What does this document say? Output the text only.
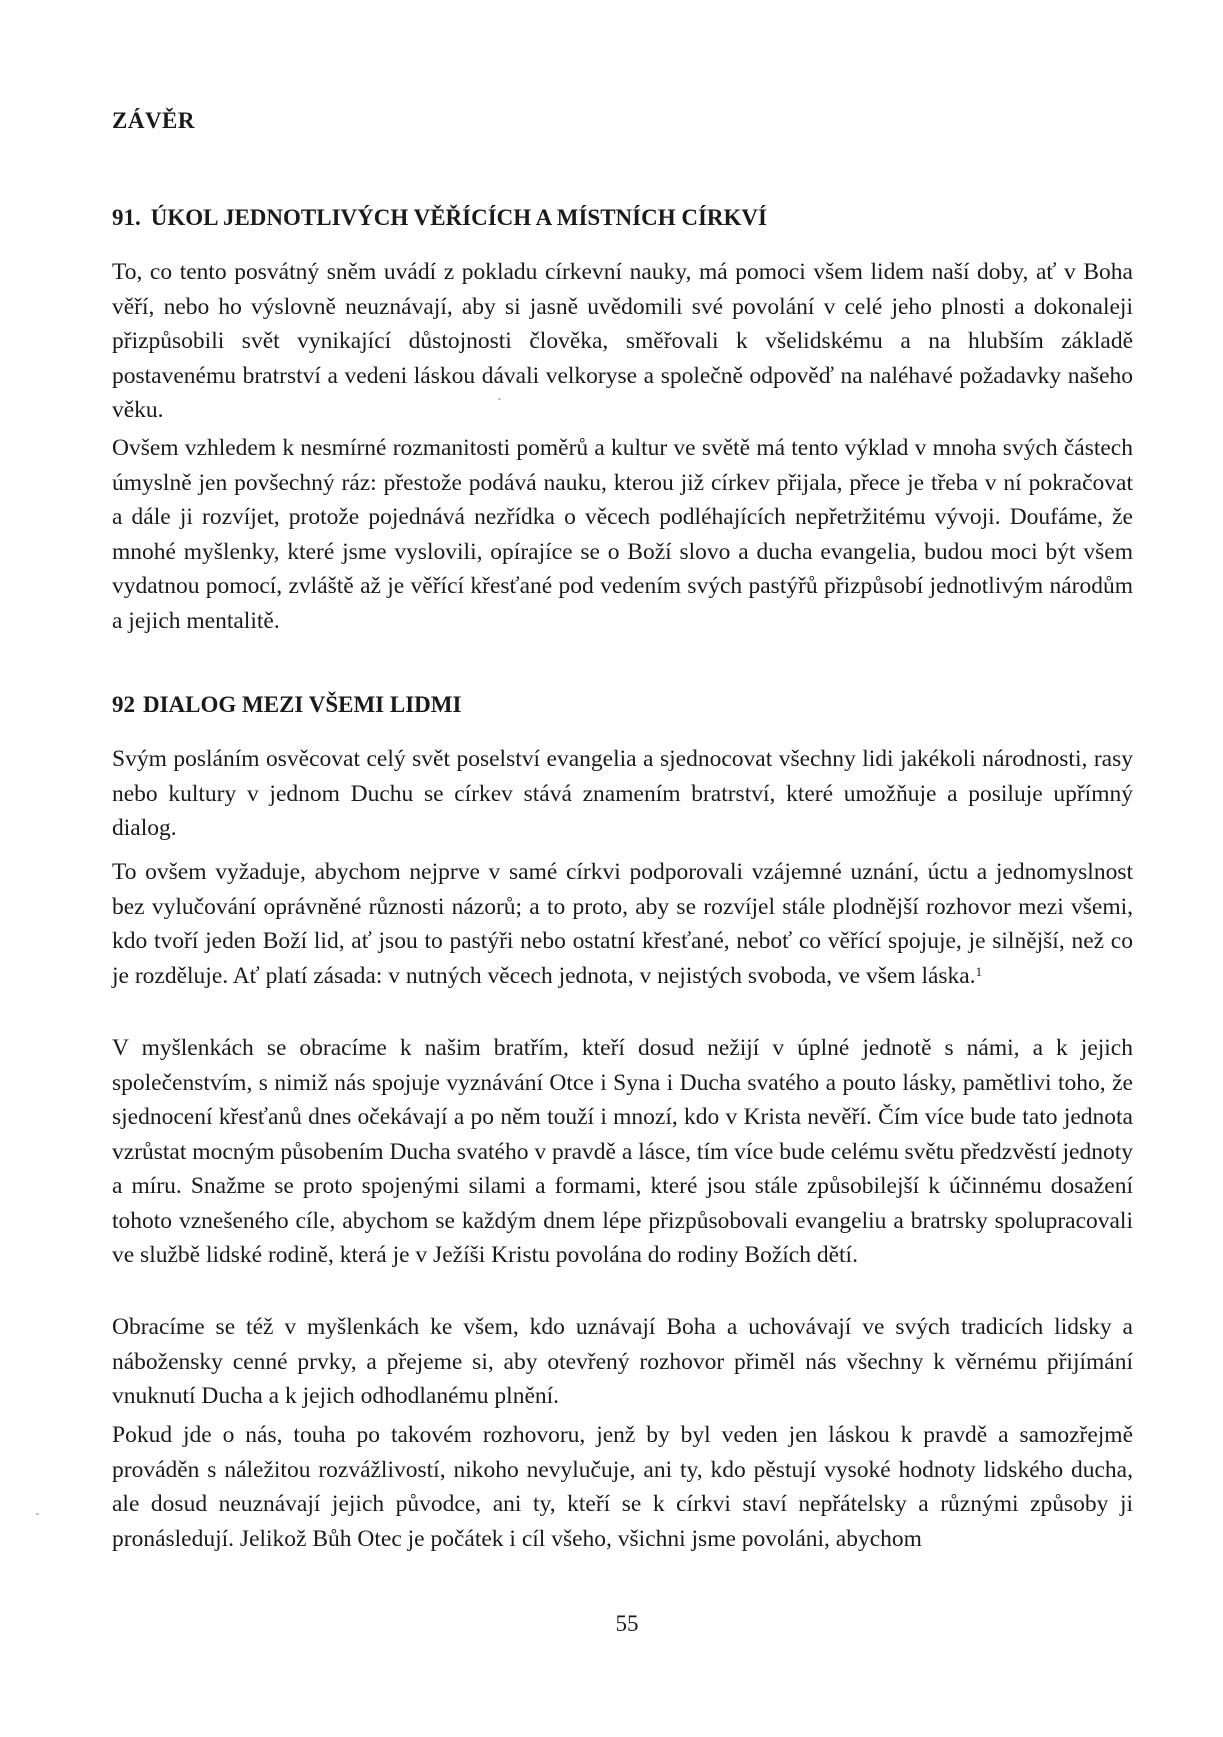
ZÁVĚR
91. ÚKOL JEDNOTLIVÝCH VĚŘÍCÍCH A MÍSTNÍCH CÍRKVÍ

To, co tento posvátný sněm uvádí z pokladu církevní nauky, má pomoci všem lidem naší doby, ať v Boha věří, nebo ho výslovně neuznávají, aby si jasně uvědomili své povolání v celé jeho plnosti a dokonaleji přizpůsobili svět vynikající důstojnosti člověka, směřovali k všelidskému a na hlubším základě postavenému bratrství a vedeni láskou dávali velkoryse a společně odpověď na naléhavé požadavky našeho věku.

Ovšem vzhledem k nesmírné rozmanitosti poměrů a kultur ve světě má tento výklad v mnoha svých částech úmyslně jen povšechný ráz: přestože podává nauku, kterou již církev přijala, přece je třeba v ní pokračovat a dále ji rozvíjet, protože pojednává nezřídka o věcech podléhajících nepřetržitému vývoji. Doufáme, že mnohé myšlenky, které jsme vyslovili, opírajíce se o Boží slovo a ducha evangelia, budou moci být všem vydatnou pomocí, zvláště až je věřící křesťané pod vedením svých pastýřů přizpůsobí jednotlivým národům a jejich mentalitě.

92 DIALOG MEZI VŠEMI LIDMI

Svým posláním osvěcovat celý svět poselství evangelia a sjednocovat všechny lidi jakékoli národnosti, rasy nebo kultury v jednom Duchu se církev stává znamením bratrství, které umožňuje a posiluje upřímný dialog.

To ovšem vyžaduje, abychom nejprve v samé církvi podporovali vzájemné uznání, úctu a jednomyslnost bez vylučování oprávněné různosti názorů; a to proto, aby se rozvíjel stále plodnější rozhovor mezi všemi, kdo tvoří jeden Boží lid, ať jsou to pastýři nebo ostatní křesťané, neboť co věřící spojuje, je silnější, než co je rozděluje. Ať platí zásada: v nutných věcech jednota, v nejistých svoboda, ve všem láska.$^1$

V myšlenkách se obracíme k našim bratřím, kteří dosud nežijí v úplné jednotě s námi, a k jejich společenstvím, s nimiž nás spojuje vyznávání Otce i Syna i Ducha svatého a pouto lásky, pamětlivi toho, že sjednocení křesťanů dnes očekávají a po něm touží i mnozí, kdo v Krista nevěří. Čím více bude tato jednota vzrůstat mocným působením Ducha svatého v pravdě a lásce, tím více bude celému světu předzvěstí jednoty a míru. Snažme se proto spojenými silami a formami, které jsou stále způsobilejší k účinnému dosažení tohoto vznešeného cíle, abychom se každým dnem lépe přizpůsobovali evangeliu a bratrsky spolupracovali ve službě lidské rodině, která je v Ježíši Kristu povolána do rodiny Božích dětí.

Obracíme se též v myšlenkách ke všem, kdo uznávají Boha a uchovávají ve svých tradicích lidsky a nábožensky cenné prvky, a přejeme si, aby otevřený rozhovor přiměl nás všechny k věrnému přijímání vnuknutí Ducha a k jejich odhodlanému plnění.

Pokud jde o nás, touha po takovém rozhovoru, jenž by byl veden jen láskou k pravdě a samozřejmě prováděn s náležitou rozvážlivostí, nikoho nevylučuje, ani ty, kdo pěstují vysoké hodnoty lidského ducha, ale dosud neuznávají jejich původce, ani ty, kteří se k církvi staví nepřátelsky a různými způsoby ji pronásledují. Jelikož Bůh Otec je počátek i cíl všeho, všichni jsme povoláni, abychom

55
